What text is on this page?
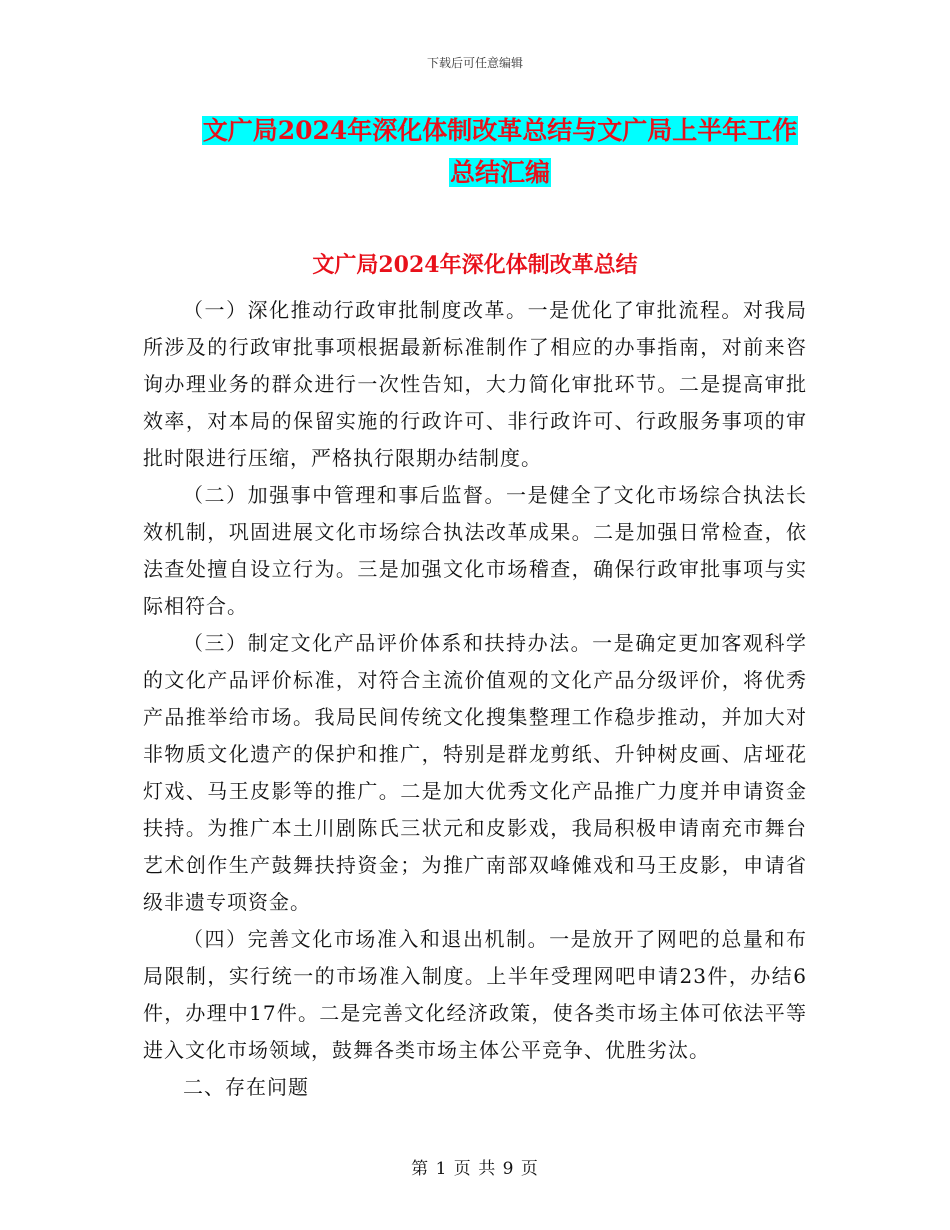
下载后可任意编辑
文广局2024年深化体制改革总结与文广局上半年工作
总结汇编
文广局2024年深化体制改革总结

（一）深化推动行政审批制度改革。一是优化了审批流程。对我局所涉及的行政审批事项根据最新标准制作了相应的办事指南，对前来咨询办理业务的群众进行一次性告知，大力简化审批环节。二是提高审批效率，对本局的保留实施的行政许可、非行政许可、行政服务事项的审批时限进行压缩，严格执行限期办结制度。

（二）加强事中管理和事后监督。一是健全了文化市场综合执法长效机制，巩固进展文化市场综合执法改革成果。二是加强日常检查，依法查处擅自设立行为。三是加强文化市场稽查，确保行政审批事项与实际相符合。

（三）制定文化产品评价体系和扶持办法。一是确定更加客观科学的文化产品评价标准，对符合主流价值观的文化产品分级评价，将优秀产品推举给市场。我局民间传统文化搜集整理工作稳步推动，并加大对非物质文化遗产的保护和推广，特别是群龙剪纸、升钟树皮画、店垭花灯戏、马王皮影等的推广。二是加大优秀文化产品推广力度并申请资金扶持。为推广本土川剧陈氏三状元和皮影戏，我局积极申请南充市舞台艺术创作生产鼓舞扶持资金；为推广南部双峰傩戏和马王皮影，申请省级非遗专项资金。

（四）完善文化市场准入和退出机制。一是放开了网吧的总量和布局限制，实行统一的市场准入制度。上半年受理网吧申请23件，办结6件，办理中17件。二是完善文化经济政策，使各类市场主体可依法平等进入文化市场领域，鼓舞各类市场主体公平竞争、优胜劣汰。

二、存在问题

第 1 页 共 9 页
